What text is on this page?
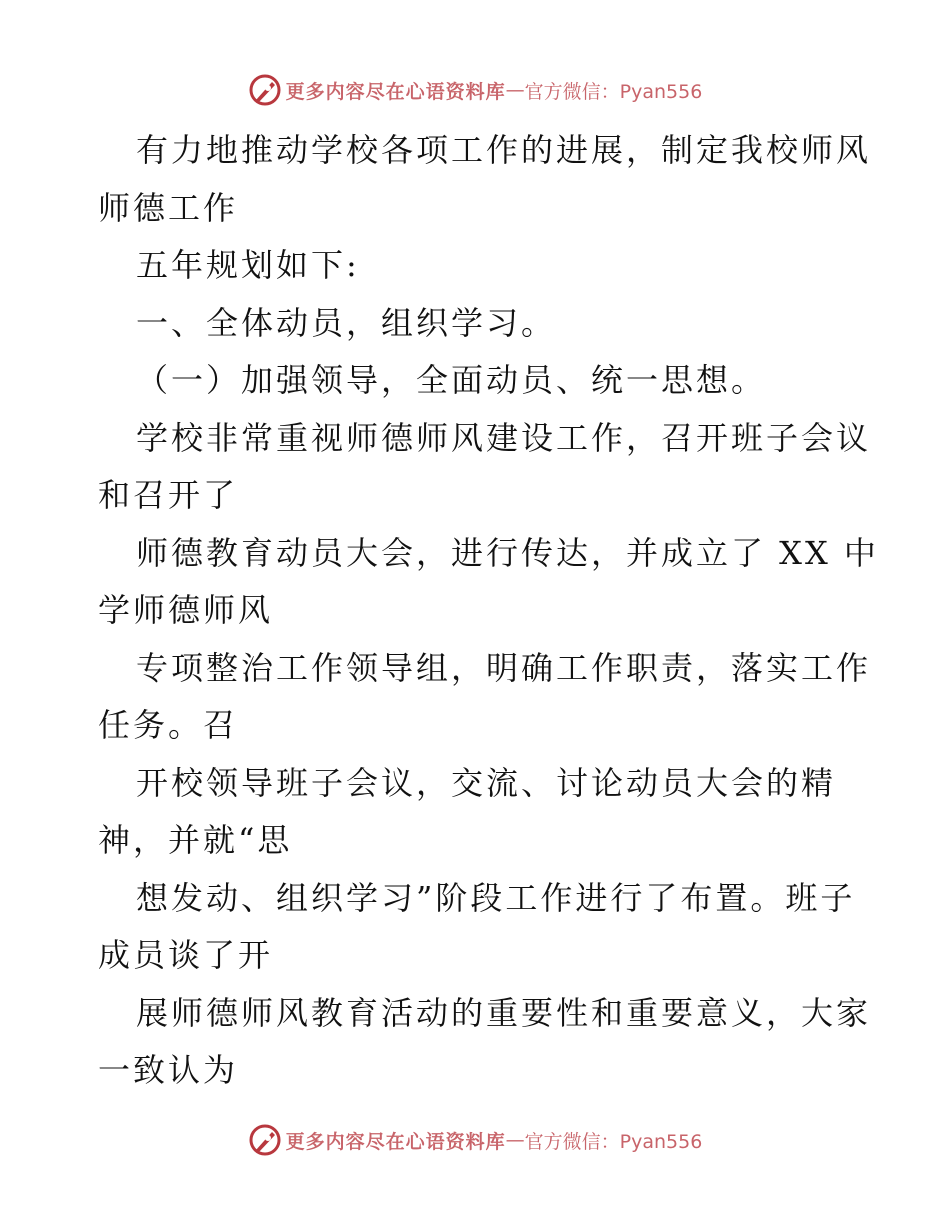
更多内容尽在心语资料库 — 官方微信：Pyan556
有力地推动学校各项工作的进展，制定我校师风
师德工作
五年规划如下:
一、全体动员，组织学习。
（一）加强领导，全面动员、统一思想。
学校非常重视师德师风建设工作，召开班子会议
和召开了
师德教育动员大会，进行传达，并成立了 XX 中
学师德师风
专项整治工作领导组，明确工作职责，落实工作
任务。召
开校领导班子会议，交流、讨论动员大会的精
神，并就“思
想发动、组织学习”阶段工作进行了布置。班子
成员谈了开
展师德师风教育活动的重要性和重要意义，大家
一致认为
更多内容尽在心语资料库 — 官方微信：Pyan556
